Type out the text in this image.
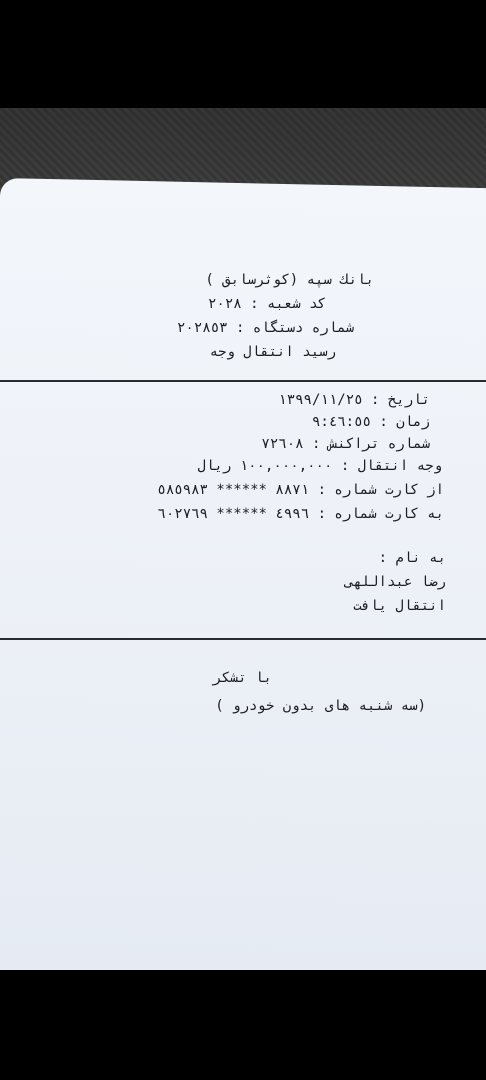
بانك سپه (كوثرسابق )
كد شعبه : ٢٠٢٨
شماره دستگاه : ٢٠٢٨٥٣
رسيد انتقال وجه
تاريخ : ١٣٩٩/١١/٢٥
زمان : ٩:٤٦:٥٥
شماره تراكنش : ٧٢٦٠٨
وجه انتقال : ١٠٠,٠٠٠,٠٠٠ ريال
از كارت شماره : ٨٨٧١ ****** ٥٨٥٩٨٣
به كارت شماره : ٤٩٩٦ ****** ٦٠٢٧٦٩
به نام :
رضا عبداللهى
انتقال يافت
با تشكر
(سه شنبه هاى بدون خودرو )
